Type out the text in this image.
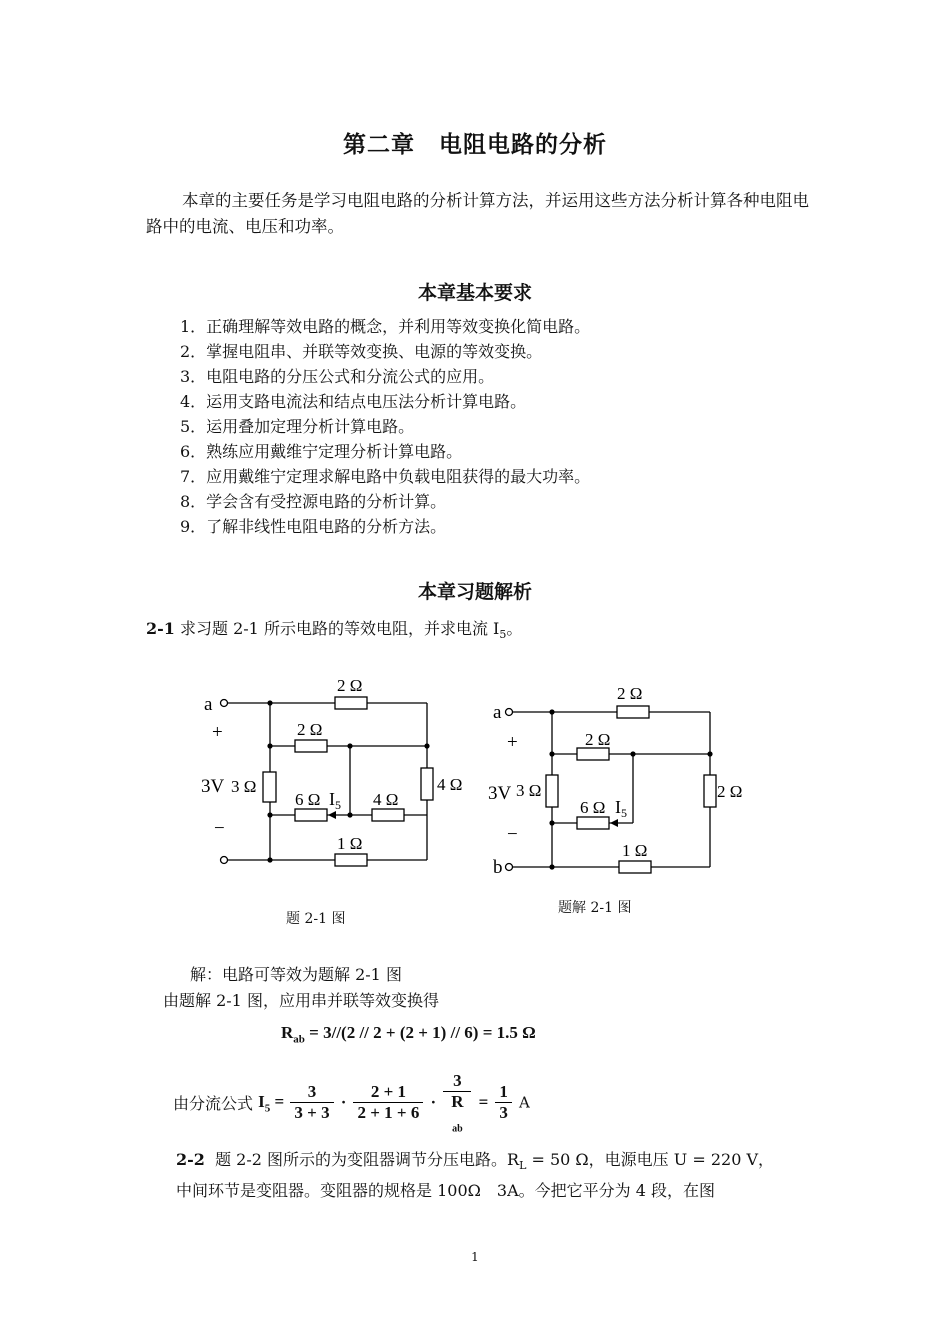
第二章　电阻电路的分析
本章的主要任务是学习电阻电路的分析计算方法，并运用这些方法分析计算各种电阻电路中的电流、电压和功率。
本章基本要求
1．正确理解等效电路的概念，并利用等效变换化简电路。
2．掌握电阻串、并联等效变换、电源的等效变换。
3．电阻电路的分压公式和分流公式的应用。
4．运用支路电流法和结点电压法分析计算电路。
5．运用叠加定理分析计算电路。
6．熟练应用戴维宁定理分析计算电路。
7．应用戴维宁定理求解电路中负载电阻获得的最大功率。
8．学会含有受控源电路的分析计算。
9．了解非线性电阻电路的分析方法。
本章习题解析
2-1 求习题 2-1 所示电路的等效电阻，并求电流 $I_5$。
a
+
−
3V 3 Ω
2 Ω
2 Ω
6 Ω $I_5$ 4 Ω
4 Ω
1 Ω
题 2-1 图
a
b
+
−
3V 3 Ω
2 Ω
2 Ω
6 Ω $I_5$
2 Ω
1 Ω
题解 2-1 图
解：电路可等效为题解 2-1 图
由题解 2-1 图，应用串并联等效变换得
$R_{ab} = 3//(2 // 2 + (2 + 1) // 6) = 1.5$ Ω
由分流公式 $I_5 = \frac{3}{3 + 3} \cdot \frac{2 + 1}{2 + 1 + 6} \cdot 3$
R
$_{ab} = \frac{1}{3}$ A
2-2 题 2-2 图所示的为变阻器调节分压电路。$R_L = 50$ Ω，电源电压 U = 220 V，
中间环节是变阻器。变阻器的规格是 100Ω　3A。今把它平分为 4 段，在图
1
